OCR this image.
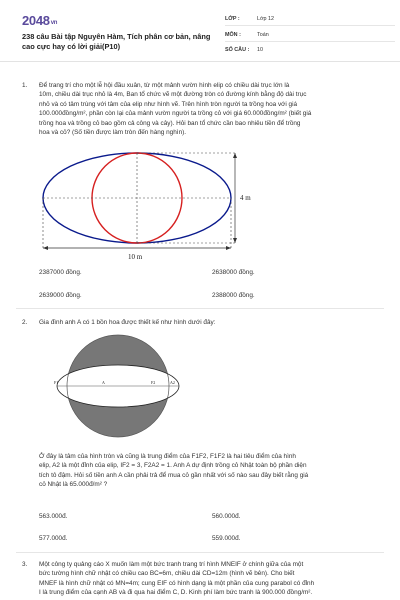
2048vn
238 câu Bài tập Nguyên Hàm, Tích phân cơ bản, nâng cao cực hay có lời giải(P10)
LỚP :	Lớp 12
MÔN :	Toán
SỐ CÂU : 10
1. Để trang trí cho một lễ hội đầu xuân, từ một mảnh vườn hình elip có chiều dài trục lớn là
10m, chiều dài trục nhỏ là 4m, Ban tổ chức vẽ một đường tròn có đường kính bằng độ dài trục
nhỏ và có tâm trùng với tâm của elip như hình vẽ. Trên hình tròn người ta trồng hoa với giá
100.000đồng/m², phần còn lại của mảnh vườn người ta trồng cỏ với giá 60.000đồng/m² (biết giá
trồng hoa và trồng cỏ bao gồm cả công và cây). Hỏi ban tổ chức cần bao nhiêu tiền để trồng
hoa và cỏ? (Số tiền được làm tròn đến hàng nghìn).
4 m
10 m
2387000 đồng.	2638000 đồng.
2639000 đồng.	2388000 đồng.
2. Gia đình anh A có 1 bồn hoa được thiết kế như hình dưới đây:
F1	A	F2	A2
Ở đây là tâm của hình tròn và cũng là trung điểm của F1F2, F1F2 là hai tiêu điểm của hình
elip, A2 là một đỉnh của elip, IF2 = 3, F2A2 = 1. Anh A dự định trồng cỏ Nhật toàn bộ phần diện
tích tô đậm. Hỏi số tiền anh A cần phải trả để mua cỏ gần nhất với số nào sau đây biết rằng giá
cỏ Nhật là 65.000đ/m² ?
563.000đ.	560.000đ.
577.000đ.	559.000đ.
3. Một công ty quảng cáo X muốn làm một bức tranh trang trí hình MNEIF ở chính giữa của một
bức tường hình chữ nhật có chiều cao BC=6m, chiều dài CD=12m (hình vẽ bên). Cho biết
MNEF là hình chữ nhật có MN=4m; cung EIF có hình dạng là một phần của cung parabol có đỉnh
I là trung điểm của cạnh AB và đi qua hai điểm C, D. Kinh phí làm bức tranh là 900.000 đồng/m².
